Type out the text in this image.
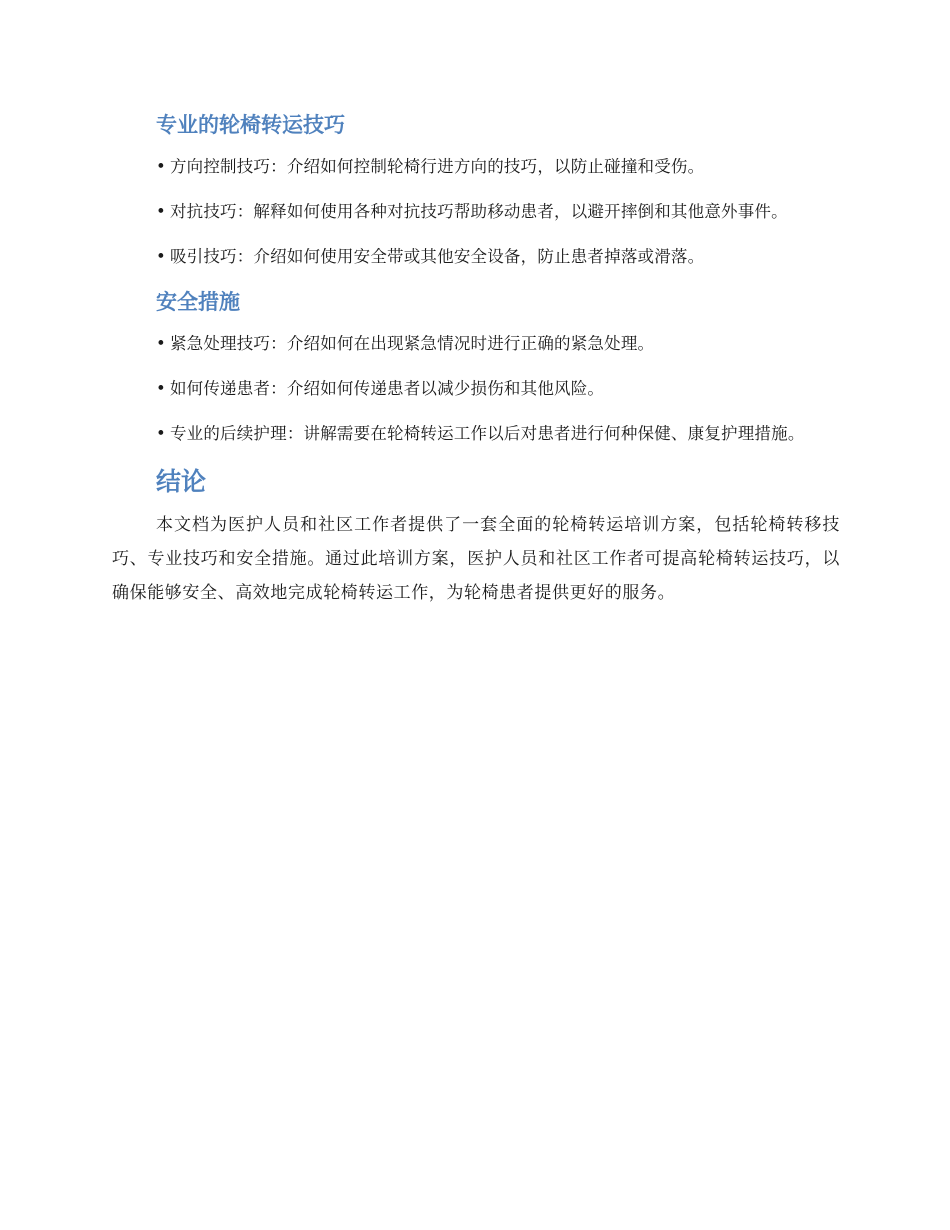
专业的轮椅转运技巧

• 方向控制技巧：介绍如何控制轮椅行进方向的技巧，以防止碰撞和受伤。

• 对抗技巧：解释如何使用各种对抗技巧帮助移动患者，以避开摔倒和其他意外事件。

• 吸引技巧：介绍如何使用安全带或其他安全设备，防止患者掉落或滑落。

安全措施

• 紧急处理技巧：介绍如何在出现紧急情况时进行正确的紧急处理。

• 如何传递患者：介绍如何传递患者以减少损伤和其他风险。

• 专业的后续护理：讲解需要在轮椅转运工作以后对患者进行何种保健、康复护理措施。

结论

本文档为医护人员和社区工作者提供了一套全面的轮椅转运培训方案，包括轮椅转移技巧、专业技巧和安全措施。通过此培训方案，医护人员和社区工作者可提高轮椅转运技巧，以确保能够安全、高效地完成轮椅转运工作，为轮椅患者提供更好的服务。
